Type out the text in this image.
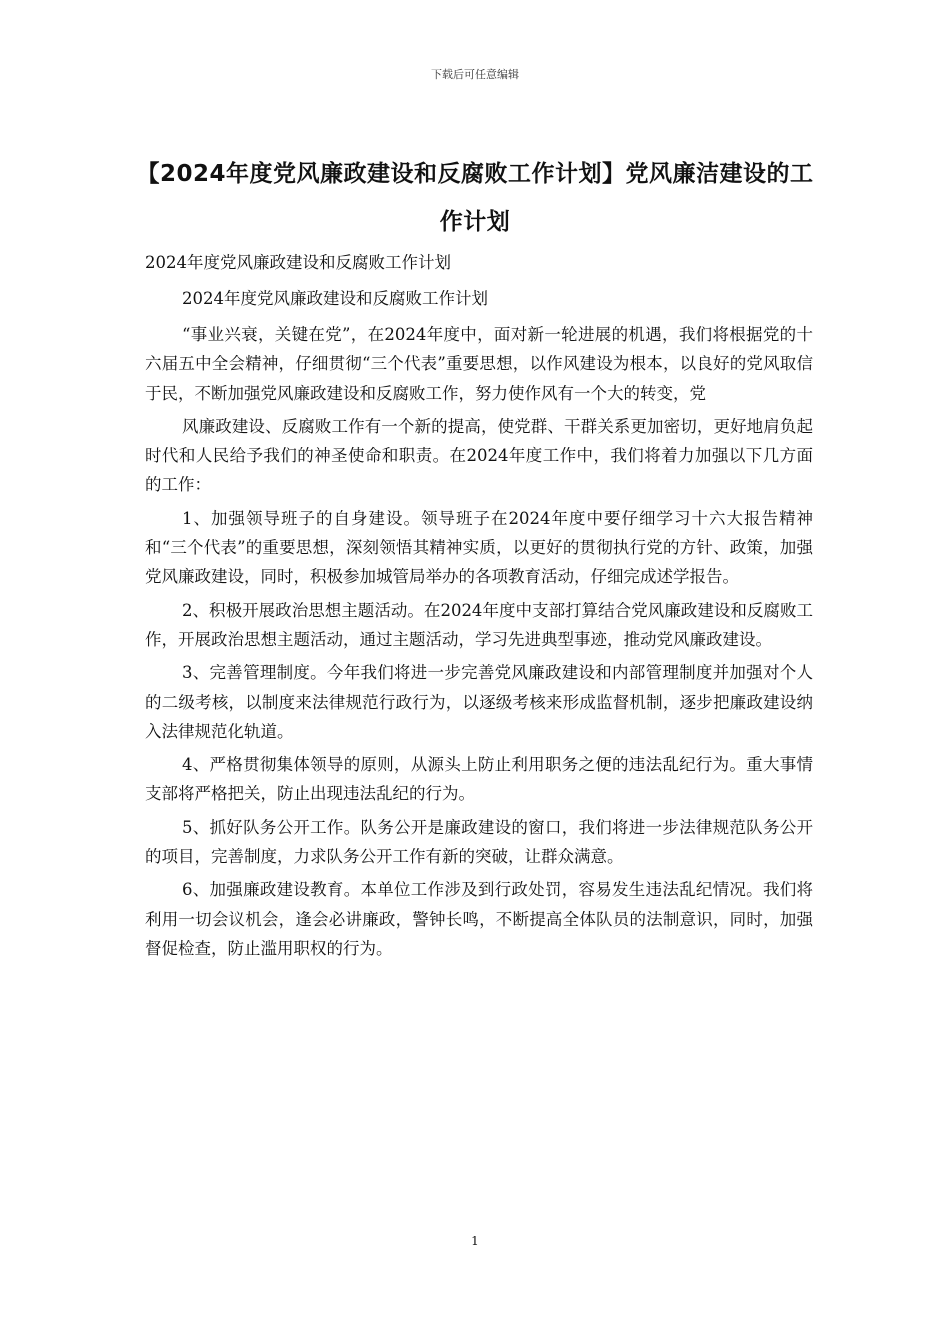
下载后可任意编辑
【2024年度党风廉政建设和反腐败工作计划】党风廉洁建设的工作计划
2024年度党风廉政建设和反腐败工作计划
2024年度党风廉政建设和反腐败工作计划

“事业兴衰，关键在党”，在2024年度中，面对新一轮进展的机遇，我们将根据党的十六届五中全会精神，仔细贯彻“三个代表”重要思想，以作风建设为根本，以良好的党风取信于民，不断加强党风廉政建设和反腐败工作，努力使作风有一个大的转变，党

风廉政建设、反腐败工作有一个新的提高，使党群、干群关系更加密切，更好地肩负起时代和人民给予我们的神圣使命和职责。在2024年度工作中，我们将着力加强以下几方面的工作：

1、加强领导班子的自身建设。领导班子在2024年度中要仔细学习十六大报告精神和“三个代表”的重要思想，深刻领悟其精神实质，以更好的贯彻执行党的方针、政策，加强党风廉政建设，同时，积极参加城管局举办的各项教育活动，仔细完成述学报告。

2、积极开展政治思想主题活动。在2024年度中支部打算结合党风廉政建设和反腐败工作，开展政治思想主题活动，通过主题活动，学习先进典型事迹，推动党风廉政建设。

3、完善管理制度。今年我们将进一步完善党风廉政建设和内部管理制度并加强对个人的二级考核，以制度来法律规范行政行为，以逐级考核来形成监督机制，逐步把廉政建设纳入法律规范化轨道。

4、严格贯彻集体领导的原则，从源头上防止利用职务之便的违法乱纪行为。重大事情支部将严格把关，防止出现违法乱纪的行为。

5、抓好队务公开工作。队务公开是廉政建设的窗口，我们将进一步法律规范队务公开的项目，完善制度，力求队务公开工作有新的突破，让群众满意。

6、加强廉政建设教育。本单位工作涉及到行政处罚，容易发生违法乱纪情况。我们将利用一切会议机会，逢会必讲廉政，警钟长鸣，不断提高全体队员的法制意识，同时，加强督促检查，防止滥用职权的行为。

1
